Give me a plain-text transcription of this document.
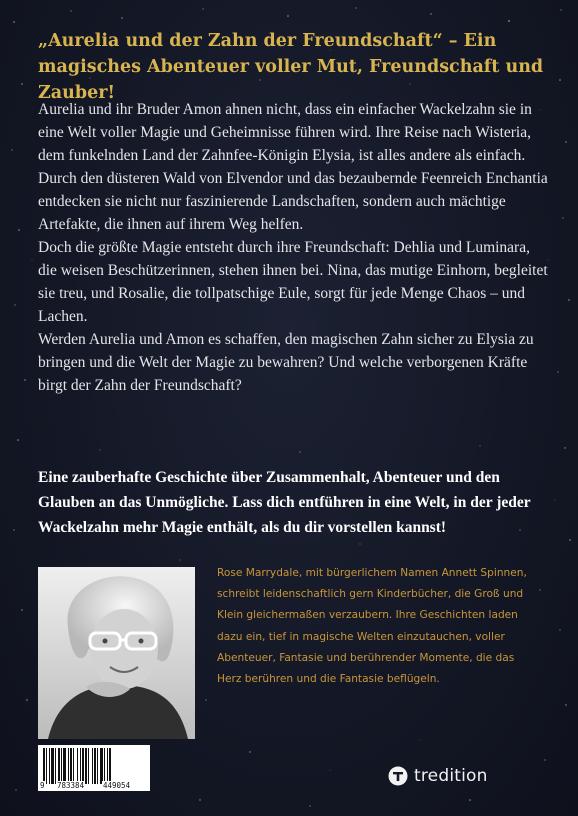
„Aurelia und der Zahn der Freundschaft“ – Ein magisches Abenteuer voller Mut, Freundschaft und Zauber!

Aurelia und ihr Bruder Amon ahnen nicht, dass ein einfacher Wackelzahn sie in eine Welt voller Magie und Geheimnisse führen wird. Ihre Reise nach Wisteria, dem funkelnden Land der Zahnfee-Königin Elysia, ist alles andere als einfach. Durch den düsteren Wald von Elvendor und das bezaubernde Feenreich Enchantia entdecken sie nicht nur faszinierende Landschaften, sondern auch mächtige Artefakte, die ihnen auf ihrem Weg helfen.

Doch die größte Magie entsteht durch ihre Freundschaft: Dehlia und Luminara, die weisen Beschützerinnen, stehen ihnen bei. Nina, das mutige Einhorn, begleitet sie treu, und Rosalie, die tollpatschige Eule, sorgt für jede Menge Chaos – und Lachen.

Werden Aurelia und Amon es schaffen, den magischen Zahn sicher zu Elysia zu bringen und die Welt der Magie zu bewahren? Und welche verborgenen Kräfte birgt der Zahn der Freundschaft?

Eine zauberhafte Geschichte über Zusammenhalt, Abenteuer und den Glauben an das Unmögliche. Lass dich entführen in eine Welt, in der jeder Wackelzahn mehr Magie enthält, als du dir vorstellen kannst!

Rose Marrydale, mit bürgerlichem Namen Annett Spinnen, schreibt leidenschaftlich gern Kinderbücher, die Groß und Klein gleichermaßen verzaubern. Ihre Geschichten laden dazu ein, tief in magische Welten einzutauchen, voller Abenteuer, Fantasie und berührender Momente, die das Herz berühren und die Fantasie beflügeln.

9 783384	449054	tredition
